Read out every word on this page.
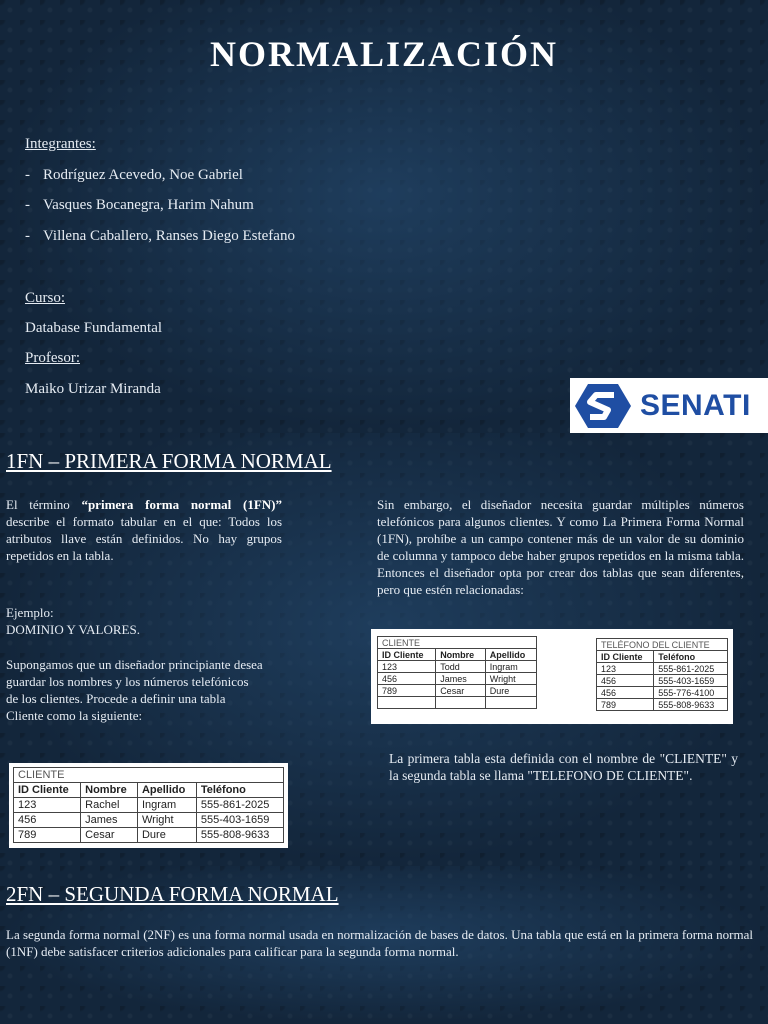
NORMALIZACIÓN
Integrantes:
- Rodríguez Acevedo, Noe Gabriel
- Vasques Bocanegra, Harim Nahum
- Villena Caballero, Ranses Diego Estefano
Curso:
Database Fundamental
Profesor:
Maiko Urizar Miranda	SENATI
1FN – PRIMERA FORMA NORMAL
El término “primera forma normal (1FN)” describe el formato tabular en el que: Todos los atributos llave están definidos. No hay grupos repetidos en la tabla.
Ejemplo:
DOMINIO Y VALORES.
Supongamos que un diseñador principiante desea guardar los nombres y los números telefónicos de los clientes. Procede a definir una tabla Cliente como la siguiente:
Sin embargo, el diseñador necesita guardar múltiples números telefónicos para algunos clientes. Y como La Primera Forma Normal (1FN), prohíbe a un campo contener más de un valor de su dominio de columna y tampoco debe haber grupos repetidos en la misma tabla. Entonces el diseñador opta por crear dos tablas que sean diferentes, pero que estén relacionadas:
CLIENTE			
ID Cliente	Nombre	Apellido	Teléfono
123	Rachel	Ingram	555-861-2025
456	James	Wright	555-403-1659
789	Cesar	Dure	555-808-9633
CLIENTE		
ID Cliente	Nombre	Apellido
123	Todd	Ingram
456	James	Wright
789	Cesar	Dure

TELÉFONO DEL CLIENTE	
ID Cliente	Teléfono
123	555-861-2025
456	555-403-1659
456	555-776-4100
789	555-808-9633
La primera tabla esta definida con el nombre de "CLIENTE" y la segunda tabla se llama "TELEFONO DE CLIENTE".
2FN – SEGUNDA FORMA NORMAL
La segunda forma normal (2NF) es una forma normal usada en normalización de bases de datos. Una tabla que está en la primera forma normal (1NF) debe satisfacer criterios adicionales para calificar para la segunda forma normal.
